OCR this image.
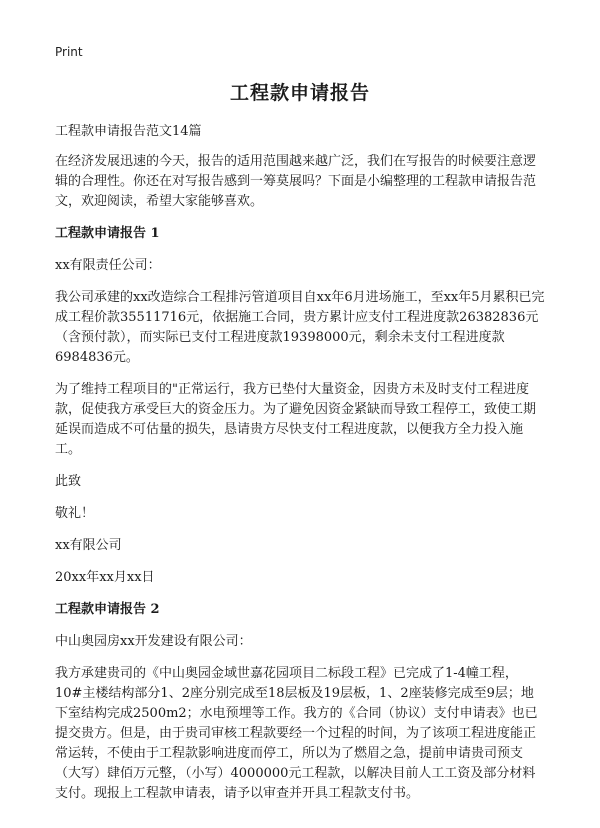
Print
工程款申请报告

工程款申请报告范文14篇

在经济发展迅速的今天，报告的适用范围越来越广泛，我们在写报告的时候要注意逻辑的合理性。你还在对写报告感到一筹莫展吗？下面是小编整理的工程款申请报告范文，欢迎阅读，希望大家能够喜欢。

工程款申请报告 1

xx有限责任公司：

我公司承建的xx改造综合工程排污管道项目自xx年6月进场施工，至xx年5月累积已完成工程价款35511716元，依据施工合同，贵方累计应支付工程进度款26382836元（含预付款），而实际已支付工程进度款19398000元，剩余未支付工程进度款6984836元。

为了维持工程项目的"正常运行，我方已垫付大量资金，因贵方未及时支付工程进度款，促使我方承受巨大的资金压力。为了避免因资金紧缺而导致工程停工，致使工期延误而造成不可估量的损失，恳请贵方尽快支付工程进度款，以便我方全力投入施工。

此致

敬礼！

xx有限公司

20xx年xx月xx日

工程款申请报告 2

中山奥园房xx开发建设有限公司：

我方承建贵司的《中山奥园金域世嘉花园项目二标段工程》已完成了1-4幢工程，10#主楼结构部分1、2座分别完成至18层板及19层板，1、2座装修完成至9层；地下室结构完成2500m2；水电预埋等工作。我方的《合同（协议）支付申请表》也已提交贵方。但是，由于贵司审核工程款要经一个过程的时间，为了该项工程进度能正常运转，不使由于工程款影响进度而停工，所以为了燃眉之急，提前申请贵司预支（大写）肆佰万元整，（小写）4000000元工程款，以解决目前人工工资及部分材料支付。现报上工程款申请表，请予以审查并开具工程款支付书。
